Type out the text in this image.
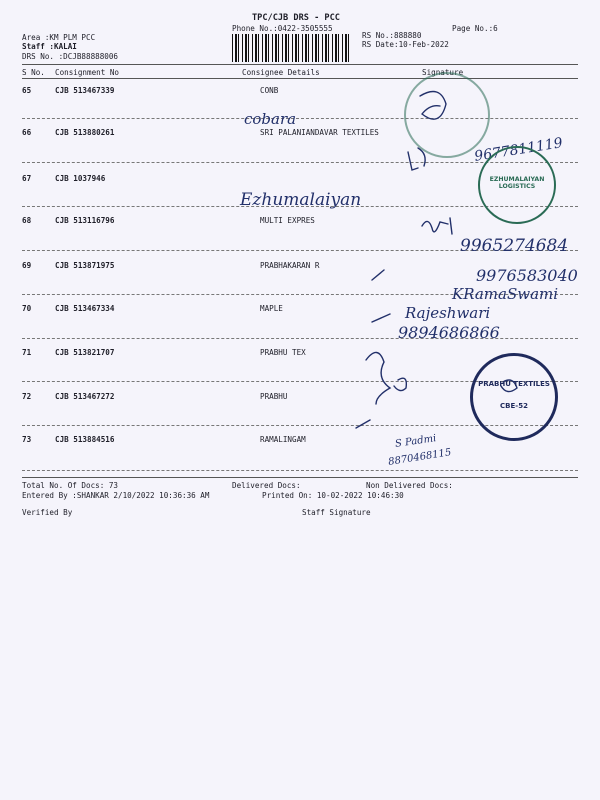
TPC/CJB DRS - PCC
Phone No.:0422-3505555	Page No.:6
Area :KM PLM PCC
Staff :KALAI
DRS No. :DCJB88888006
RS No.:888880
RS Date:10-Feb-2022
S No. Consignment No	Consignee Details	Signature
65	CJB 513467339	CONB
66	CJB 513880261	SRI PALANIANDAVAR TEXTILES
67	CJB 1037946
68	CJB 513116796	MULTI EXPRES
69	CJB 513871975	PRABHAKARAN R
70	CJB 513467334	MAPLE
71	CJB 513821707	PRABHU TEX
72	CJB 513467272	PRABHU
73	CJB 513884516	RAMALINGAM
cobara
9677811119
Ezhumalaiyan
9965274684
9976583040
KRamaSwami
Rajeshwari
9894686866
S Padmi
8870468115
EZHUMALAIYAN LOGISTICS
PRABHU TEXTILES
CBE-52
Total No. Of Docs: 73	Delivered Docs:	Non Delivered Docs:
Entered By :SHANKAR 2/10/2022 10:36:36 AM	Printed On: 10-02-2022 10:46:30
Verified By	Staff Signature
